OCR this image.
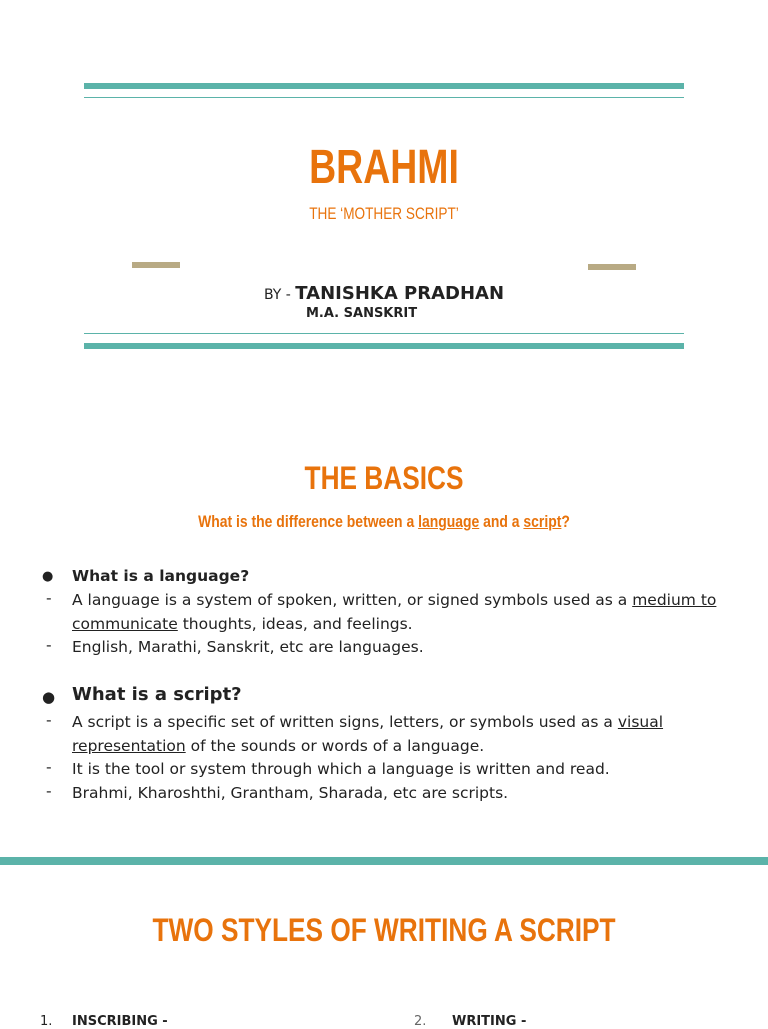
BRAHMI
THE ‘MOTHER SCRIPT’
BY - TANISHKA PRADHAN
M.A. SANSKRIT
THE BASICS
What is the difference between a language and a script?
● What is a language?
- A language is a system of spoken, written, or signed symbols used as a medium to
communicate thoughts, ideas, and feelings.
- English, Marathi, Sanskrit, etc are languages.
● What is a script?
- A script is a specific set of written signs, letters, or symbols used as a visual
representation of the sounds or words of a language.
- It is the tool or system through which a language is written and read.
- Brahmi, Kharoshthi, Grantham, Sharada, etc are scripts.
TWO STYLES OF WRITING A SCRIPT
1. INSCRIBING -	2. WRITING -
